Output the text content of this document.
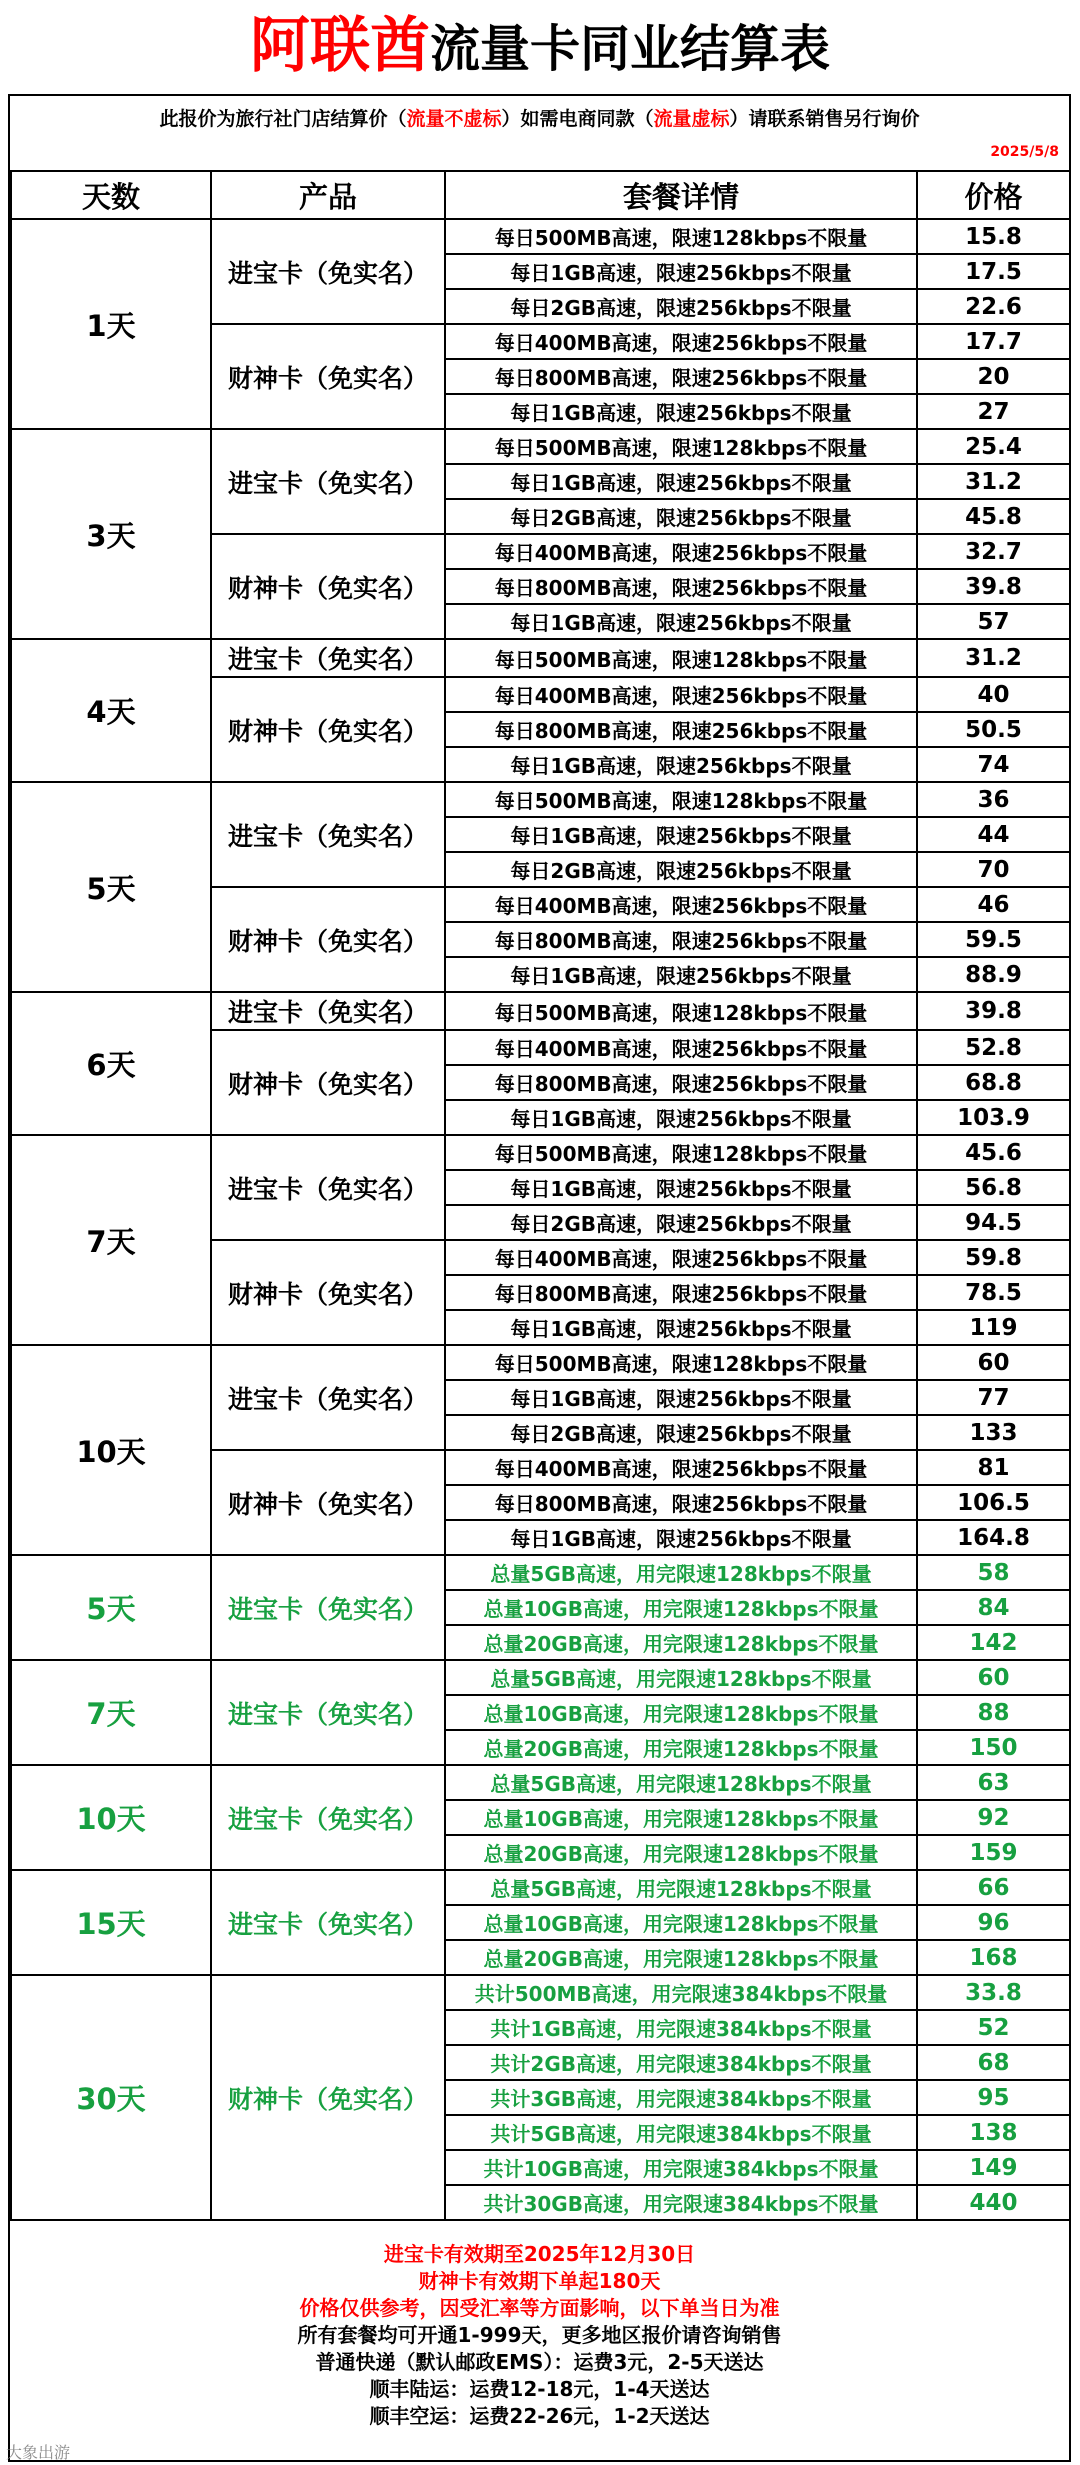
阿联酋流量卡同业结算表
此报价为旅行社门店结算价（流量不虚标）如需电商同款（流量虚标）请联系销售另行询价
2025/5/8
天数	产品	套餐详情	价格
1天	进宝卡（免实名）	每日500MB高速，限速128kbps不限量	15.8
		每日1GB高速，限速256kbps不限量	17.5
		每日2GB高速，限速256kbps不限量	22.6
	财神卡（免实名）	每日400MB高速，限速256kbps不限量	17.7
		每日800MB高速，限速256kbps不限量	20
		每日1GB高速，限速256kbps不限量	27
3天	进宝卡（免实名）	每日500MB高速，限速128kbps不限量	25.4
		每日1GB高速，限速256kbps不限量	31.2
		每日2GB高速，限速256kbps不限量	45.8
	财神卡（免实名）	每日400MB高速，限速256kbps不限量	32.7
		每日800MB高速，限速256kbps不限量	39.8
		每日1GB高速，限速256kbps不限量	57
4天	进宝卡（免实名）	每日500MB高速，限速128kbps不限量	31.2
	财神卡（免实名）	每日400MB高速，限速256kbps不限量	40
		每日800MB高速，限速256kbps不限量	50.5
		每日1GB高速，限速256kbps不限量	74
5天	进宝卡（免实名）	每日500MB高速，限速128kbps不限量	36
		每日1GB高速，限速256kbps不限量	44
		每日2GB高速，限速256kbps不限量	70
	财神卡（免实名）	每日400MB高速，限速256kbps不限量	46
		每日800MB高速，限速256kbps不限量	59.5
		每日1GB高速，限速256kbps不限量	88.9
6天	进宝卡（免实名）	每日500MB高速，限速128kbps不限量	39.8
	财神卡（免实名）	每日400MB高速，限速256kbps不限量	52.8
		每日800MB高速，限速256kbps不限量	68.8
		每日1GB高速，限速256kbps不限量	103.9
7天	进宝卡（免实名）	每日500MB高速，限速128kbps不限量	45.6
		每日1GB高速，限速256kbps不限量	56.8
		每日2GB高速，限速256kbps不限量	94.5
	财神卡（免实名）	每日400MB高速，限速256kbps不限量	59.8
		每日800MB高速，限速256kbps不限量	78.5
		每日1GB高速，限速256kbps不限量	119
10天	进宝卡（免实名）	每日500MB高速，限速128kbps不限量	60
		每日1GB高速，限速256kbps不限量	77
		每日2GB高速，限速256kbps不限量	133
	财神卡（免实名）	每日400MB高速，限速256kbps不限量	81
		每日800MB高速，限速256kbps不限量	106.5
		每日1GB高速，限速256kbps不限量	164.8
5天	进宝卡（免实名）	总量5GB高速，用完限速128kbps不限量	58
		总量10GB高速，用完限速128kbps不限量	84
		总量20GB高速，用完限速128kbps不限量	142
7天	进宝卡（免实名）	总量5GB高速，用完限速128kbps不限量	60
		总量10GB高速，用完限速128kbps不限量	88
		总量20GB高速，用完限速128kbps不限量	150
10天	进宝卡（免实名）	总量5GB高速，用完限速128kbps不限量	63
		总量10GB高速，用完限速128kbps不限量	92
		总量20GB高速，用完限速128kbps不限量	159
15天	进宝卡（免实名）	总量5GB高速，用完限速128kbps不限量	66
		总量10GB高速，用完限速128kbps不限量	96
		总量20GB高速，用完限速128kbps不限量	168
30天	财神卡（免实名）	共计500MB高速，用完限速384kbps不限量	33.8
		共计1GB高速，用完限速384kbps不限量	52
		共计2GB高速，用完限速384kbps不限量	68
		共计3GB高速，用完限速384kbps不限量	95
		共计5GB高速，用完限速384kbps不限量	138
		共计10GB高速，用完限速384kbps不限量	149
		共计30GB高速，用完限速384kbps不限量	440
进宝卡有效期至2025年12月30日
财神卡有效期下单起180天
价格仅供参考，因受汇率等方面影响，以下单当日为准
所有套餐均可开通1-999天，更多地区报价请咨询销售
普通快递（默认邮政EMS）：运费3元，2-5天送达
顺丰陆运：运费12-18元，1-4天送达
顺丰空运：运费22-26元，1-2天送达
大象出游
